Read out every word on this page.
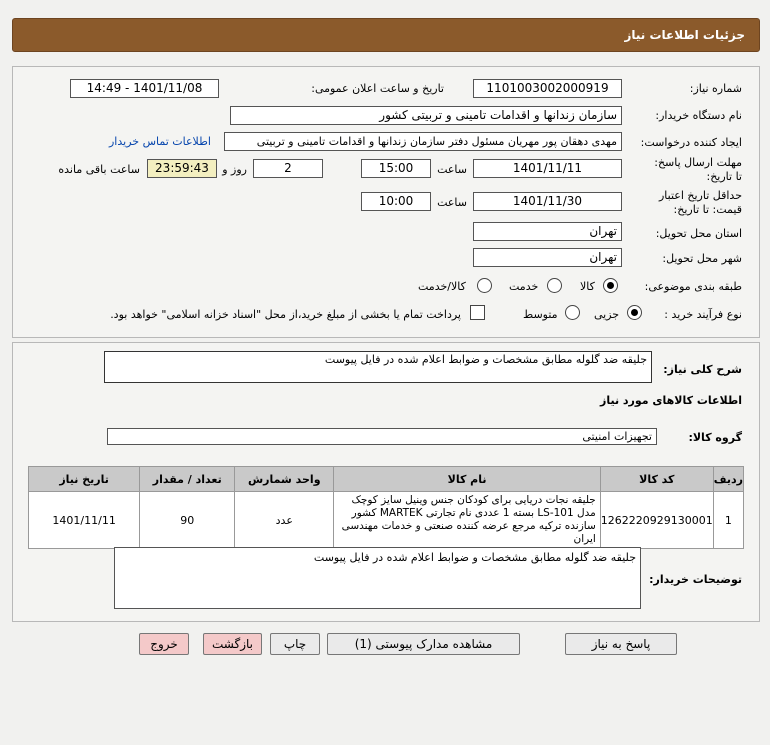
جزئیات اطلاعات نیاز
شماره نیاز:
1101003002000919
تاریخ و ساعت اعلان عمومی:
1401/11/08 - 14:49
نام دستگاه خریدار:
سازمان زندانها و اقدامات تامینی و تربیتی کشور
ایجاد کننده درخواست:
مهدی دهقان پور مهریان مسئول دفتر سازمان زندانها و اقدامات تامینی و تربیتی
اطلاعات تماس خریدار
مهلت ارسال پاسخ: تا تاریخ:
1401/11/11
ساعت
15:00
2
روز و
23:59:43
ساعت باقی مانده
حداقل تاریخ اعتبار قیمت: تا تاریخ:
1401/11/30
ساعت
10:00
استان محل تحویل:
تهران
شهر محل تحویل:
تهران
طبقه بندی موضوعی:
کالا
خدمت
کالا/خدمت
نوع فرآیند خرید :
جزیی
متوسط
پرداخت تمام یا بخشی از مبلغ خرید،از محل "اسناد خزانه اسلامی" خواهد بود.
شرح کلی نیاز:
جلیقه ضد گلوله مطابق مشخصات و ضوابط اعلام شده در فایل پیوست
اطلاعات کالاهای مورد نیاز
گروه کالا:
تجهیزات امنیتی
ردیف	کد کالا	نام کالا	واحد شمارش	تعداد / مقدار	تاریخ نیاز
1	1262220929130001	جلیقه نجات دریایی برای کودکان جنس وینیل سایز کوچک مدل LS-101 بسته 1 عددی نام تجارتی MARTEK کشور سازنده ترکیه مرجع عرضه کننده صنعتی و خدمات مهندسی ایران	عدد	90	1401/11/11
توضیحات خریدار:
جلیقه ضد گلوله مطابق مشخصات و ضوابط اعلام شده در فایل پیوست
پاسخ به نیاز
مشاهده مدارک پیوستی (1)
چاپ
بازگشت
خروج
